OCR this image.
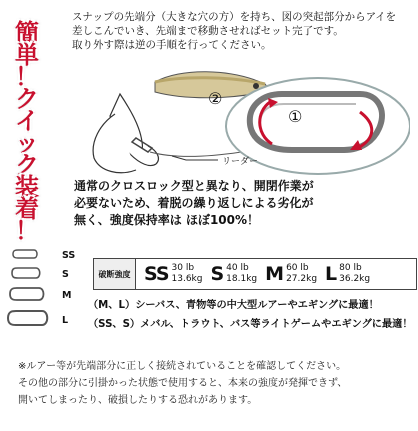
簡
単
！
ク
イ
ッ
ク
装
着
！
スナップの先端分（大きな穴の方）を持ち、図の突起部分からアイを
差しこんでいき、先端まで移動させればセット完了です。
取り外す際は逆の手順を行ってください。
②
①
リーダー
通常のクロスロック型と異なり、開閉作業が
必要ないため、着脱の繰り返しによる劣化が
無く、強度保持率は ほぼ100%！
SS
S
M
L
破断強度 SS 30 lb
13.6kg S 40 lb
18.1kg M 60 lb
27.2kg L 80 lb
36.2kg
（M、L）シーバス、青物等の中大型ルアーやエギングに最適！
（SS、S）メバル、トラウト、バス等ライトゲームやエギングに最適！
※ルアー等が先端部分に正しく接続されていることを確認してください。
その他の部分に引掛かった状態で使用すると、本来の強度が発揮できず、
開いてしまったり、破損したりする恐れがあります。
